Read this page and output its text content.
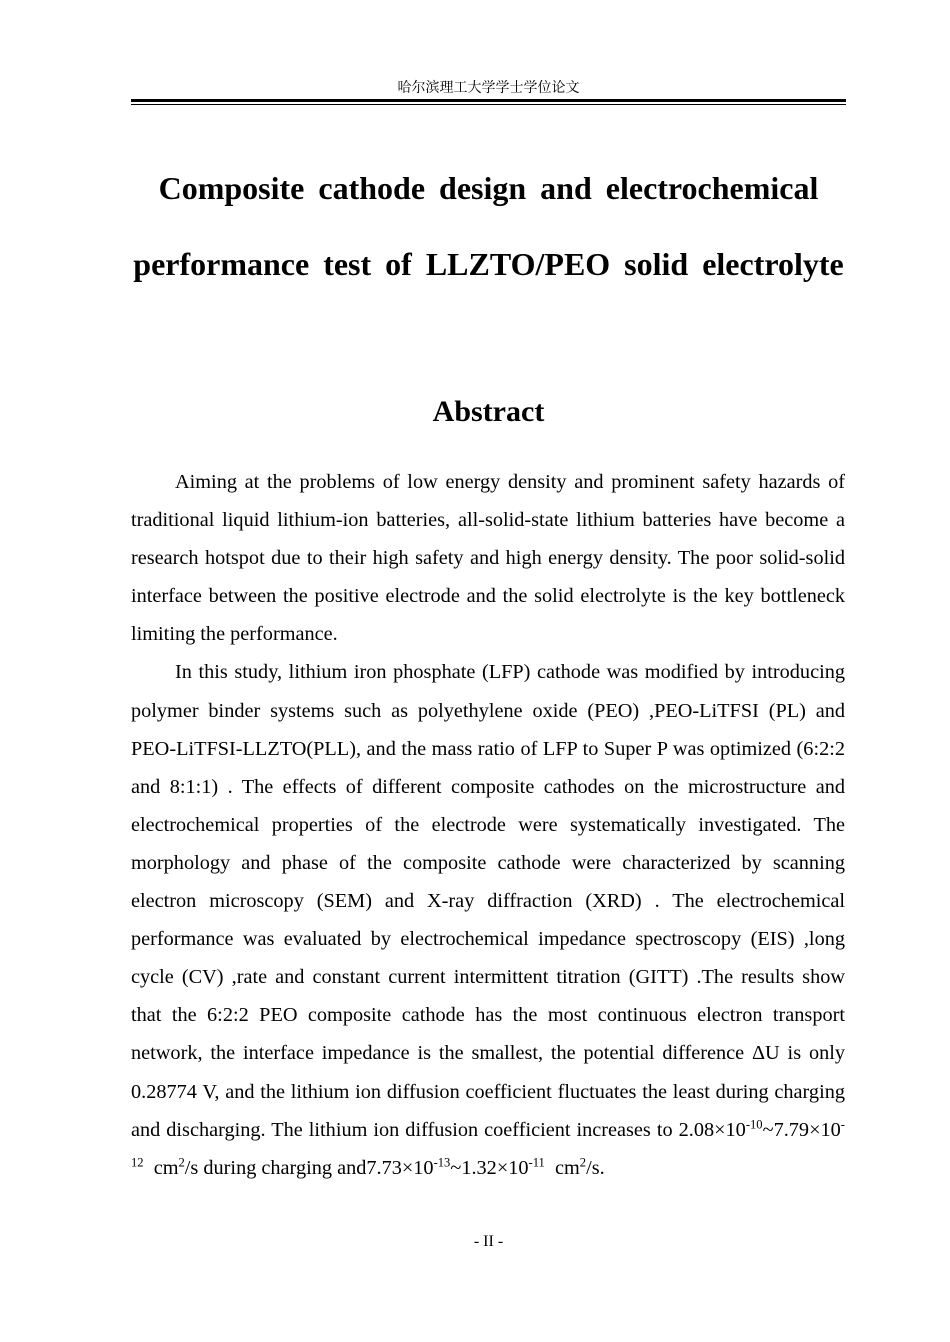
哈尔滨理工大学学士学位论文
Composite cathode design and electrochemical performance test of LLZTO/PEO solid electrolyte
Abstract

Aiming at the problems of low energy density and prominent safety hazards of traditional liquid lithium-ion batteries, all-solid-state lithium batteries have become a research hotspot due to their high safety and high energy density. The poor solid-solid interface between the positive electrode and the solid electrolyte is the key bottleneck limiting the performance.

In this study, lithium iron phosphate (LFP) cathode was modified by introducing polymer binder systems such as polyethylene oxide (PEO) ,PEO-LiTFSI (PL) and PEO-LiTFSI-LLZTO(PLL), and the mass ratio of LFP to Super P was optimized (6:2:2 and 8:1:1) . The effects of different composite cathodes on the microstructure and electrochemical properties of the electrode were systematically investigated. The morphology and phase of the composite cathode were characterized by scanning electron microscopy (SEM) and X-ray diffraction (XRD) . The electrochemical performance was evaluated by electrochemical impedance spectroscopy (EIS) ,long cycle (CV) ,rate and constant current intermittent titration (GITT) .The results show that the 6:2:2 PEO composite cathode has the most continuous electron transport network, the interface impedance is the smallest, the potential difference ΔU is only 0.28774 V, and the lithium ion diffusion coefficient fluctuates the least during charging and discharging. The lithium ion diffusion coefficient increases to $2.08\times 10^{-10}\sim 7.79\times 10^{-12}$  $cm^2/s$ during charging $and7.73\times 10^{-13}\sim 1.32\times 10^{-11}$  $cm^2/s$.

- II -
